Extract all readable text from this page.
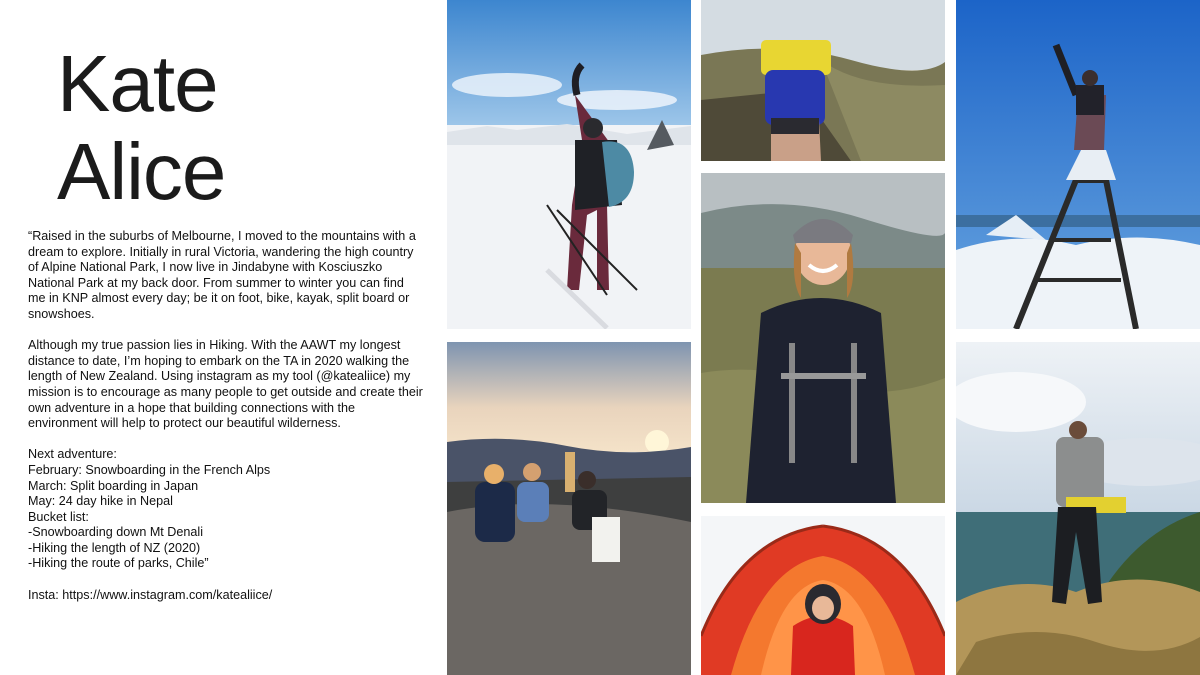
Kate
Alice

“Raised in the suburbs of Melbourne, I moved to the mountains with a dream to explore. Initially in rural Victoria, wandering the high country of Alpine National Park, I now live in Jindabyne with Kosciuszko National Park at my back door. From summer to winter you can find me in KNP almost every day; be it on foot, bike, kayak, split board or snowshoes.

Although my true passion lies in Hiking. With the AAWT my longest distance to date, I’m hoping to embark on the TA in 2020 walking the length of New Zealand. Using instagram as my tool (@katealiice) my mission is to encourage as many people to get outside and create their own adventure in a hope that building connections with the environment will help to protect our beautiful wilderness.

Next adventure:
February: Snowboarding in the French Alps
March: Split boarding in Japan
May: 24 day hike in Nepal
Bucket list:
-Snowboarding down Mt Denali
-Hiking the length of NZ (2020)
-Hiking the route of parks, Chile”

Insta: https://www.instagram.com/katealiice/
